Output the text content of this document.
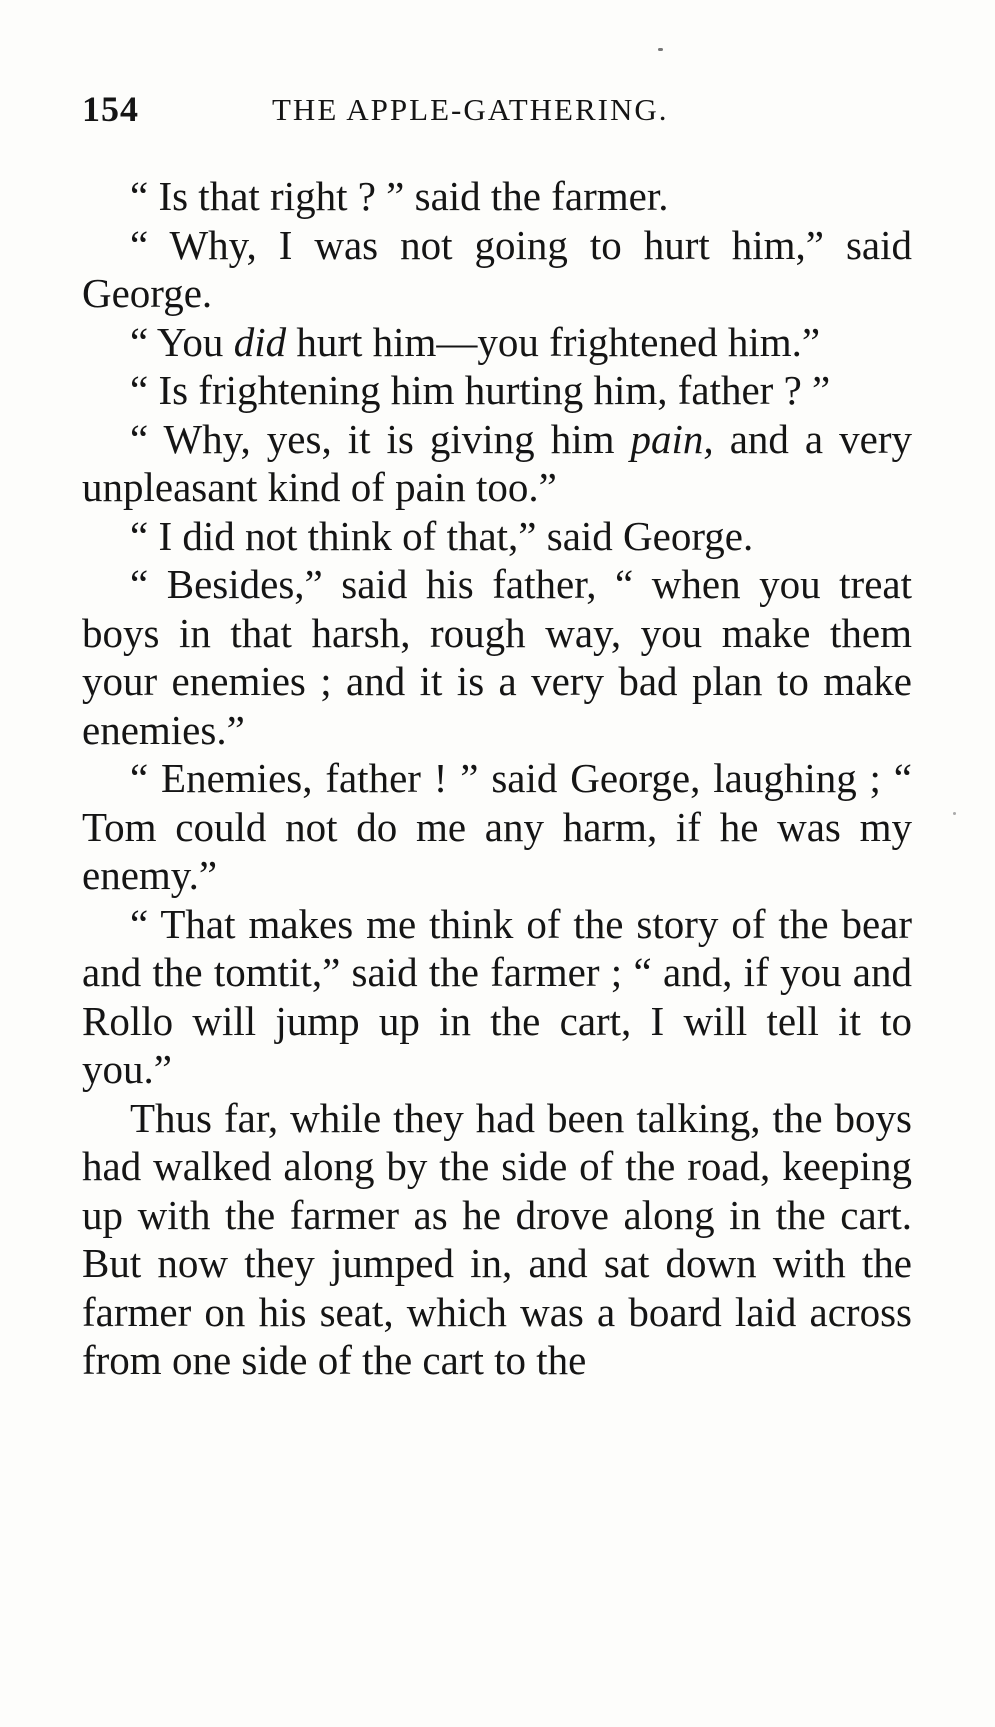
154	THE APPLE-GATHERING.

“ Is that right ? ” said the farmer.

“ Why, I was not going to hurt him,” said George.

“ You did hurt him—you frightened him.”

“ Is frightening him hurting him, father ? ”

“ Why, yes, it is giving him pain, and a very unpleasant kind of pain too.”

“ I did not think of that,” said George.

“ Besides,” said his father, “ when you treat boys in that harsh, rough way, you make them your enemies ; and it is a very bad plan to make enemies.”

“ Enemies, father ! ” said George, laughing ; “ Tom could not do me any harm, if he was my enemy.”

“ That makes me think of the story of the bear and the tomtit,” said the farmer ; “ and, if you and Rollo will jump up in the cart, I will tell it to you.”

Thus far, while they had been talking, the boys had walked along by the side of the road, keeping up with the farmer as he drove along in the cart. But now they jumped in, and sat down with the farmer on his seat, which was a board laid across from one side of the cart to the
